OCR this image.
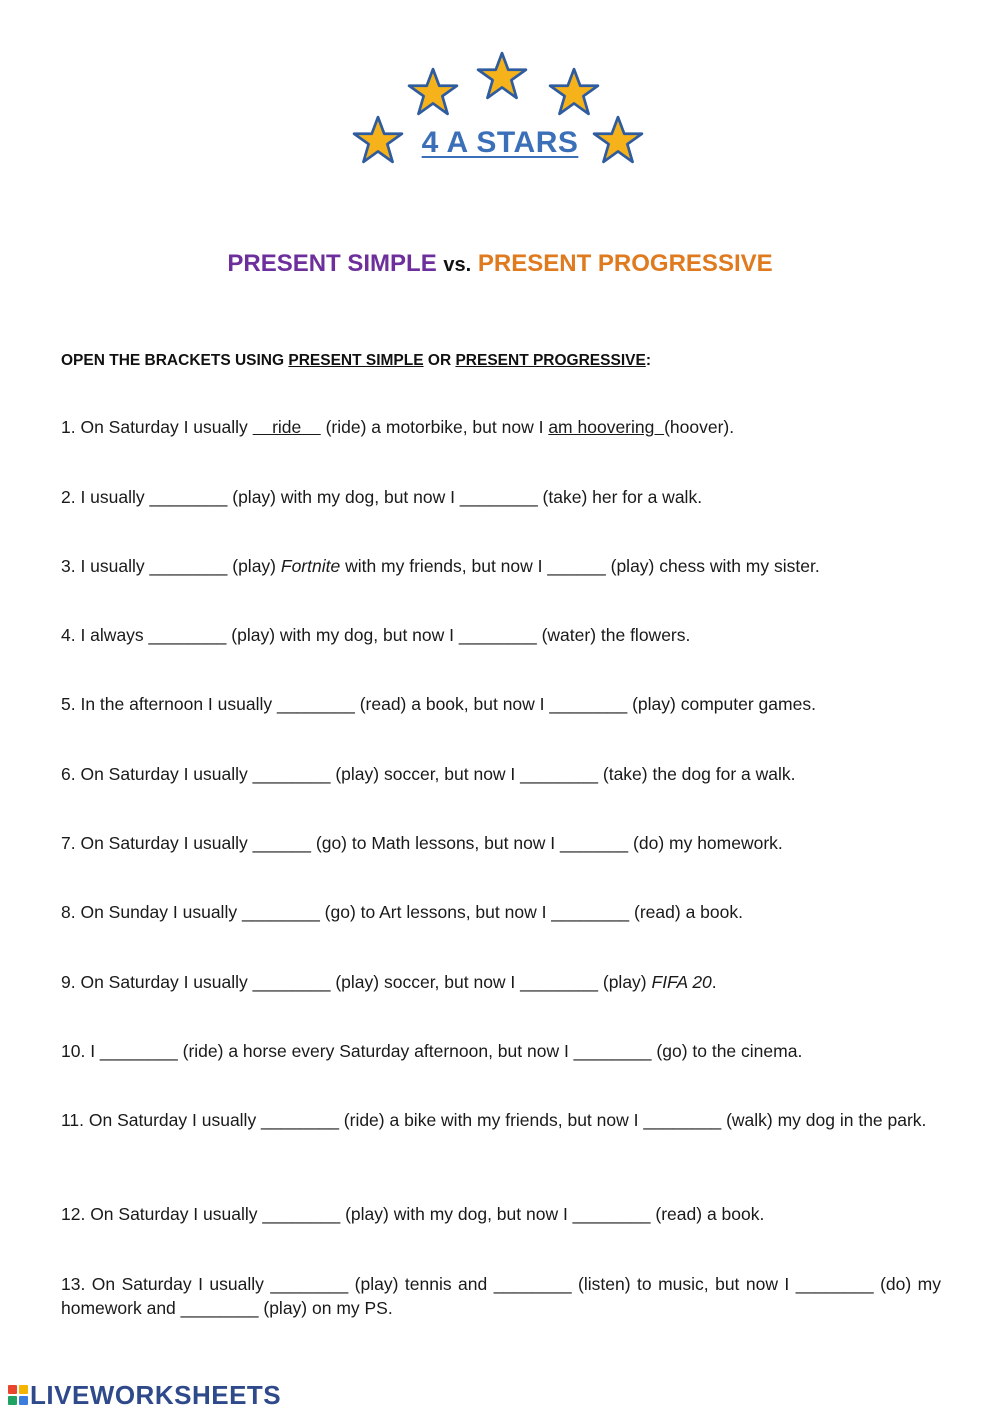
4 A STARS
PRESENT SIMPLE vs. PRESENT PROGRESSIVE
OPEN THE BRACKETS USING PRESENT SIMPLE OR PRESENT PROGRESSIVE:
1. On Saturday I usually     ride     (ride) a motorbike, but now I am hoovering  (hoover).
2. I usually ________ (play) with my dog, but now I ________ (take) her for a walk.
3. I usually ________ (play) Fortnite with my friends, but now I ______ (play) chess with my sister.
4. I always ________ (play) with my dog, but now I ________ (water) the flowers.
5. In the afternoon I usually ________ (read) a book, but now I ________ (play) computer games.
6. On Saturday I usually ________ (play) soccer, but now I ________ (take) the dog for a walk.
7. On Saturday I usually ______ (go) to Math lessons, but now I _______ (do) my homework.
8. On Sunday I usually ________ (go) to Art lessons, but now I ________ (read) a book.
9. On Saturday I usually ________ (play) soccer, but now I ________ (play) FIFA 20.
10. I ________ (ride) a horse every Saturday afternoon, but now I ________ (go) to the cinema.
11. On Saturday I usually ________ (ride) a bike with my friends, but now I ________ (walk) my dog in the park.
12. On Saturday I usually ________ (play) with my dog, but now I ________ (read) a book.
13. On Saturday I usually ________ (play) tennis and ________ (listen) to music, but now I ________ (do) my homework and ________ (play) on my PS.
LIVEWORKSHEETS
